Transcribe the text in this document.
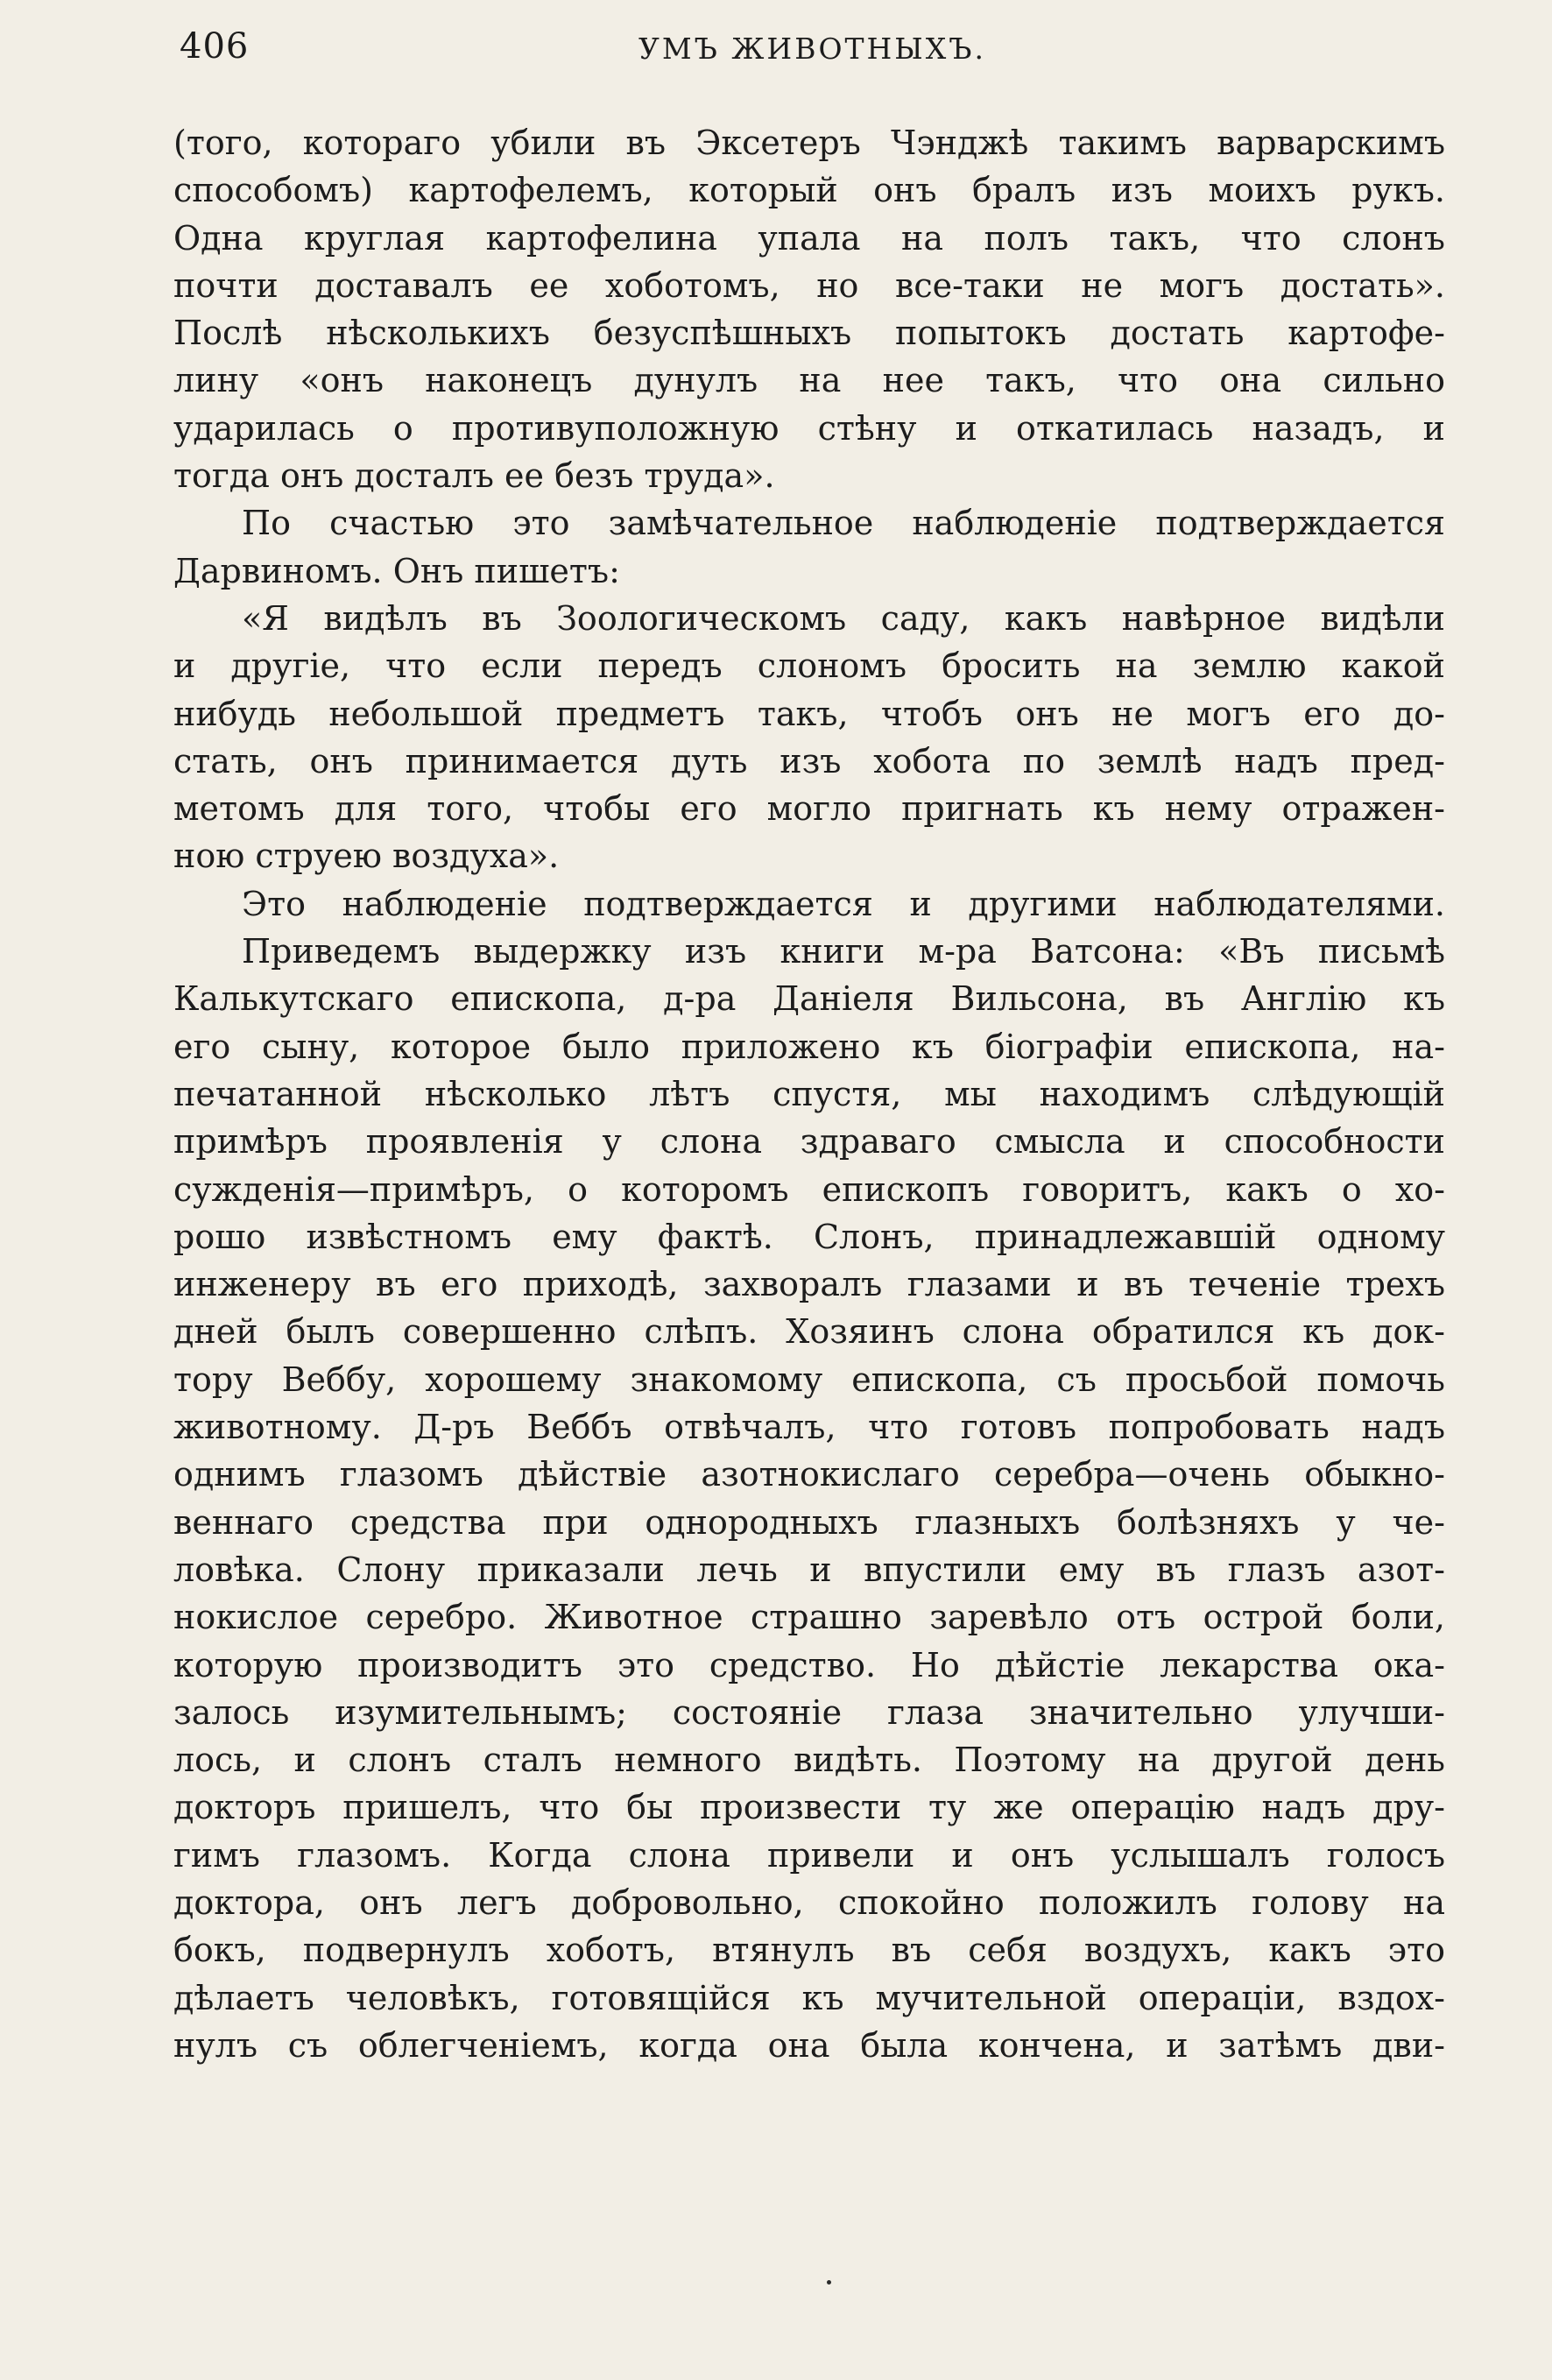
406	УМЪ ЖИВОТНЫХЪ.
(того, котораго убили въ Эксетеръ Чэнджѣ такимъ варварскимъ
способомъ) картофелемъ, который онъ бралъ изъ моихъ рукъ.
Одна круглая картофелина упала на полъ такъ, что слонъ
почти доставалъ ее хоботомъ, но все-таки не могъ достать».
Послѣ нѣсколькихъ безуспѣшныхъ попытокъ достать картофе-
лину «онъ наконецъ дунулъ на нее такъ, что она сильно
ударилась о противуположную стѣну и откатилась назадъ, и
тогда онъ досталъ ее безъ труда».
По счастью это замѣчательное наблюденіе подтверждается
Дарвиномъ. Онъ пишетъ:
«Я видѣлъ въ Зоологическомъ саду, какъ навѣрное видѣли
и другіе, что если передъ слономъ бросить на землю какой
нибудь небольшой предметъ такъ, чтобъ онъ не могъ его до-
стать, онъ принимается дуть изъ хобота по землѣ надъ пред-
метомъ для того, чтобы его могло пригнать къ нему отражен-
ною струею воздуха».
Это наблюденіе подтверждается и другими наблюдателями.
Приведемъ выдержку изъ книги м-ра Ватсона: «Въ письмѣ
Калькутскаго епископа, д-ра Даніеля Вильсона, въ Англію къ
его сыну, которое было приложено къ біографіи епископа, на-
печатанной нѣсколько лѣтъ спустя, мы находимъ слѣдующій
примѣръ проявленія у слона здраваго смысла и способности
сужденія—примѣръ, о которомъ епископъ говоритъ, какъ о хо-
рошо извѣстномъ ему фактѣ. Слонъ, принадлежавшій одному
инженеру въ его приходѣ, захворалъ глазами и въ теченіе трехъ
дней былъ совершенно слѣпъ. Хозяинъ слона обратился къ док-
тору Веббу, хорошему знакомому епископа, съ просьбой помочь
животному. Д-ръ Веббъ отвѣчалъ, что готовъ попробовать надъ
однимъ глазомъ дѣйствіе азотнокислаго серебра—очень обыкно-
веннаго средства при однородныхъ глазныхъ болѣзняхъ у че-
ловѣка. Слону приказали лечь и впустили ему въ глазъ азот-
нокислое серебро. Животное страшно заревѣло отъ острой боли,
которую производитъ это средство. Но дѣйстіе лекарства ока-
залось изумительнымъ; состояніе глаза значительно улучши-
лось, и слонъ сталъ немного видѣть. Поэтому на другой день
докторъ пришелъ, что бы произвести ту же операцію надъ дру-
гимъ глазомъ. Когда слона привели и онъ услышалъ голосъ
доктора, онъ легъ добровольно, спокойно положилъ голову на
бокъ, подвернулъ хоботъ, втянулъ въ себя воздухъ, какъ это
дѣлаетъ человѣкъ, готовящійся къ мучительной операціи, вздох-
нулъ съ облегченіемъ, когда она была кончена, и затѣмъ дви-
